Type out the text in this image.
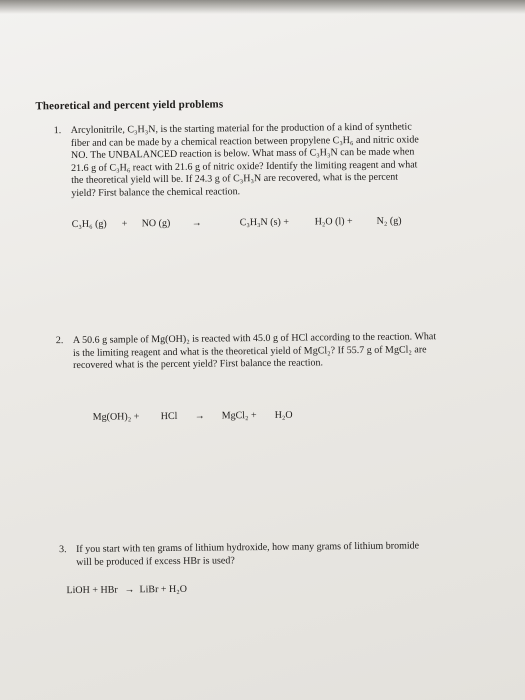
Theoretical and percent yield problems
1. Arcylonitrile, C₃H₃N, is the starting material for the production of a kind of synthetic fiber and can be made by a chemical reaction between propylene C₃H₆ and nitric oxide NO. The UNBALANCED reaction is below. What mass of C₃H₃N can be made when 21.6 g of C₃H₆ react with 21.6 g of nitric oxide? Identify the limiting reagent and what the theoretical yield will be. If 24.3 g of C₃H₃N are recovered, what is the percent yield? First balance the chemical reaction.
C₃H₆ (g) + NO (g) →	C₃H₃N (s) +	H₂O (l) + N₂ (g)
2. A 50.6 g sample of Mg(OH)₂ is reacted with 45.0 g of HCl according to the reaction. What is the limiting reagent and what is the theoretical yield of MgCl₂? If 55.7 g of MgCl₂ are recovered what is the percent yield? First balance the reaction.
Mg(OH)₂ + HCl → MgCl₂ + H₂O
3. If you start with ten grams of lithium hydroxide, how many grams of lithium bromide will be produced if excess HBr is used?
LiOH + HBr → LiBr + H₂O
